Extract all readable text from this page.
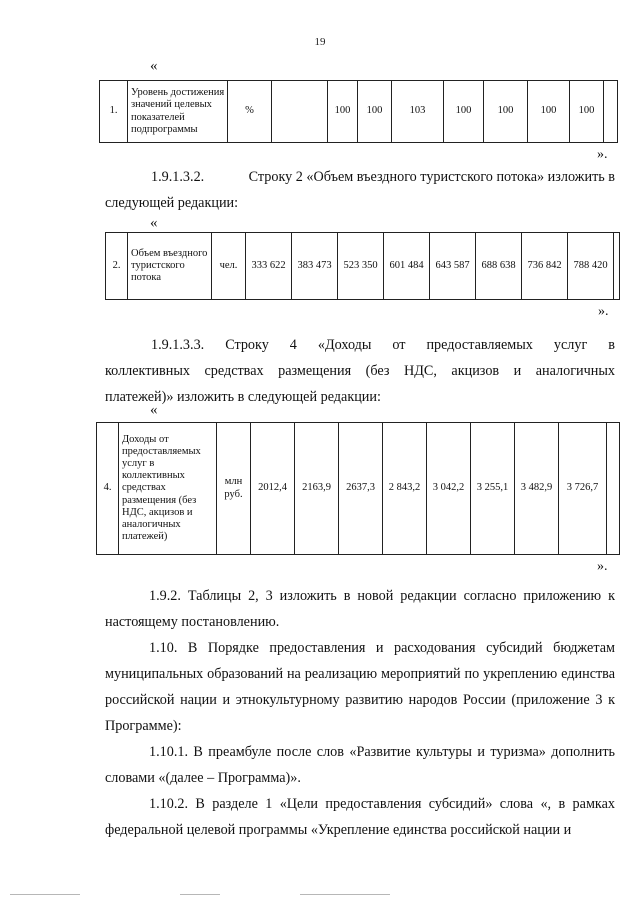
19
«
1.	Уровень достижения значений целевых показателей подпрограммы	%		100	100	103	100	100	100	100	
».
1.9.1.3.2.	Строку 2 «Объем въездного туристского потока» изложить в
следующей редакции:
«
2.	Объем въездного туристского потока	чел.	333 622	383 473	523 350	601 484	643 587	688 638	736 842	788 420	
».
1.9.1.3.3. Строку 4 «Доходы от предоставляемых услуг в
коллективных средствах размещения (без НДС, акцизов и аналогичных
платежей)» изложить в следующей редакции:
«
4.	Доходы от предоставляемых услуг в коллективных средствах размещения (без НДС, акцизов и аналогичных платежей)	млн руб.	2012,4	2163,9	2637,3	2 843,2	3 042,2	3 255,1	3 482,9	3 726,7	
».

1.9.2. Таблицы 2, 3 изложить в новой редакции согласно приложению к настоящему постановлению.

1.10. В Порядке предоставления и расходования субсидий бюджетам муниципальных образований на реализацию мероприятий по укреплению единства российской нации и этнокультурному развитию народов России (приложение 3 к Программе):

1.10.1. В преамбуле после слов «Развитие культуры и туризма» дополнить словами «(далее – Программа)».

1.10.2. В разделе 1 «Цели предоставления субсидий» слова «, в рамках федеральной целевой программы «Укрепление единства российской нации и
